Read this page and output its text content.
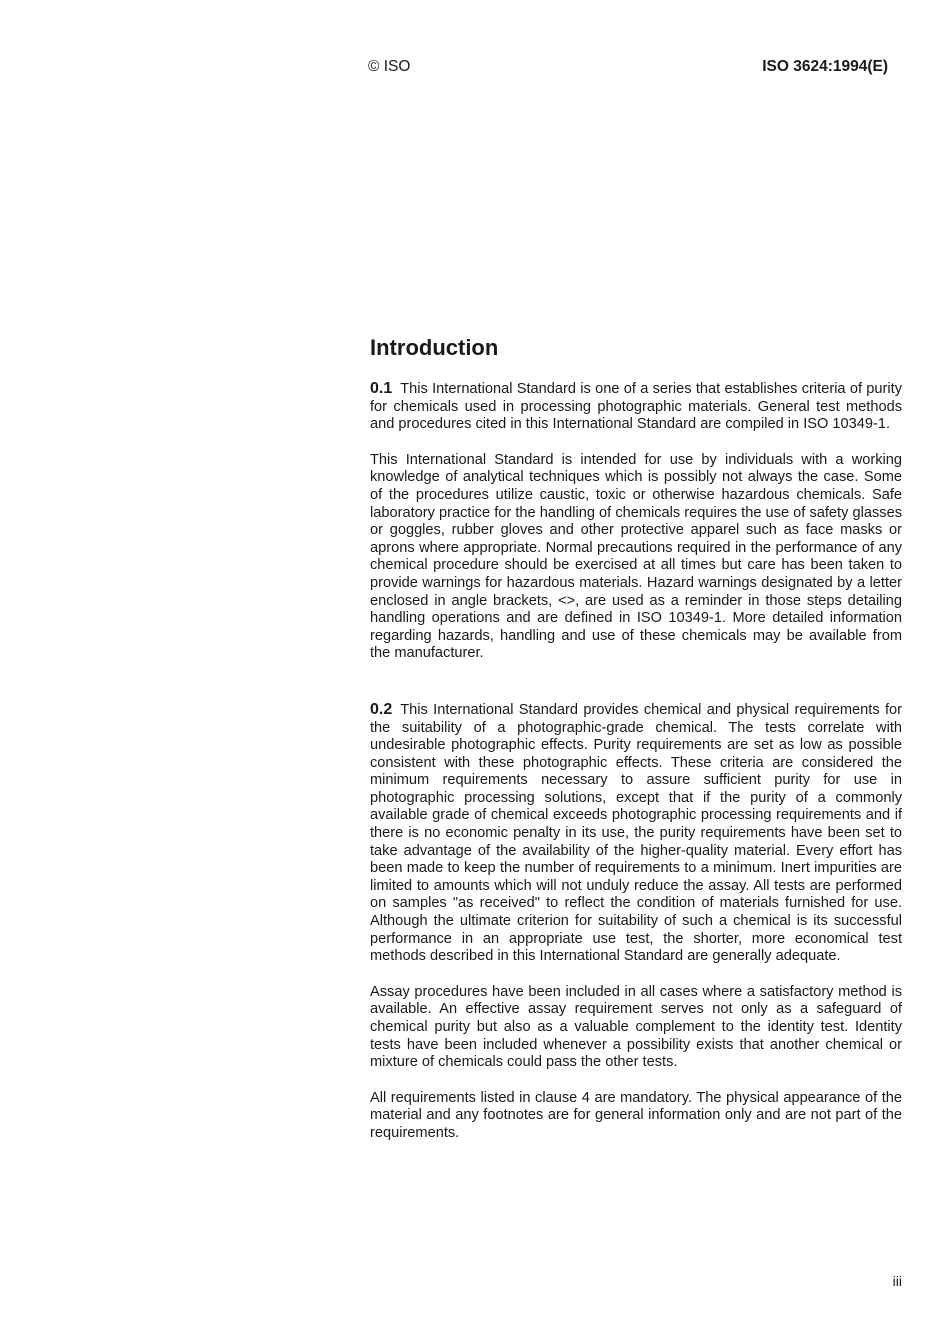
© ISO	ISO 3624:1994(E)
Introduction

0.1 This International Standard is one of a series that establishes criteria of purity for chemicals used in processing photographic materials. General test methods and procedures cited in this International Standard are compiled in ISO 10349-1.

This International Standard is intended for use by individuals with a working knowledge of analytical techniques which is possibly not always the case. Some of the procedures utilize caustic, toxic or otherwise hazardous chemicals. Safe laboratory practice for the handling of chemicals requires the use of safety glasses or goggles, rubber gloves and other protective apparel such as face masks or aprons where appropriate. Normal precautions required in the performance of any chemical procedure should be exercised at all times but care has been taken to provide warnings for hazardous materials. Hazard warnings designated by a letter enclosed in angle brackets, <>, are used as a reminder in those steps detailing handling operations and are defined in ISO 10349-1. More detailed information regarding hazards, handling and use of these chemicals may be available from the manufacturer.

0.2 This International Standard provides chemical and physical requirements for the suitability of a photographic-grade chemical. The tests correlate with undesirable photographic effects. Purity requirements are set as low as possible consistent with these photographic effects. These criteria are considered the minimum requirements necessary to assure sufficient purity for use in photographic processing solutions, except that if the purity of a commonly available grade of chemical exceeds photographic processing requirements and if there is no economic penalty in its use, the purity requirements have been set to take advantage of the availability of the higher-quality material. Every effort has been made to keep the number of requirements to a minimum. Inert impurities are limited to amounts which will not unduly reduce the assay. All tests are performed on samples "as received" to reflect the condition of materials furnished for use. Although the ultimate criterion for suitability of such a chemical is its successful performance in an appropriate use test, the shorter, more economical test methods described in this International Standard are generally adequate.

Assay procedures have been included in all cases where a satisfactory method is available. An effective assay requirement serves not only as a safeguard of chemical purity but also as a valuable complement to the identity test. Identity tests have been included whenever a possibility exists that another chemical or mixture of chemicals could pass the other tests.

All requirements listed in clause 4 are mandatory. The physical appearance of the material and any footnotes are for general information only and are not part of the requirements.

iii
